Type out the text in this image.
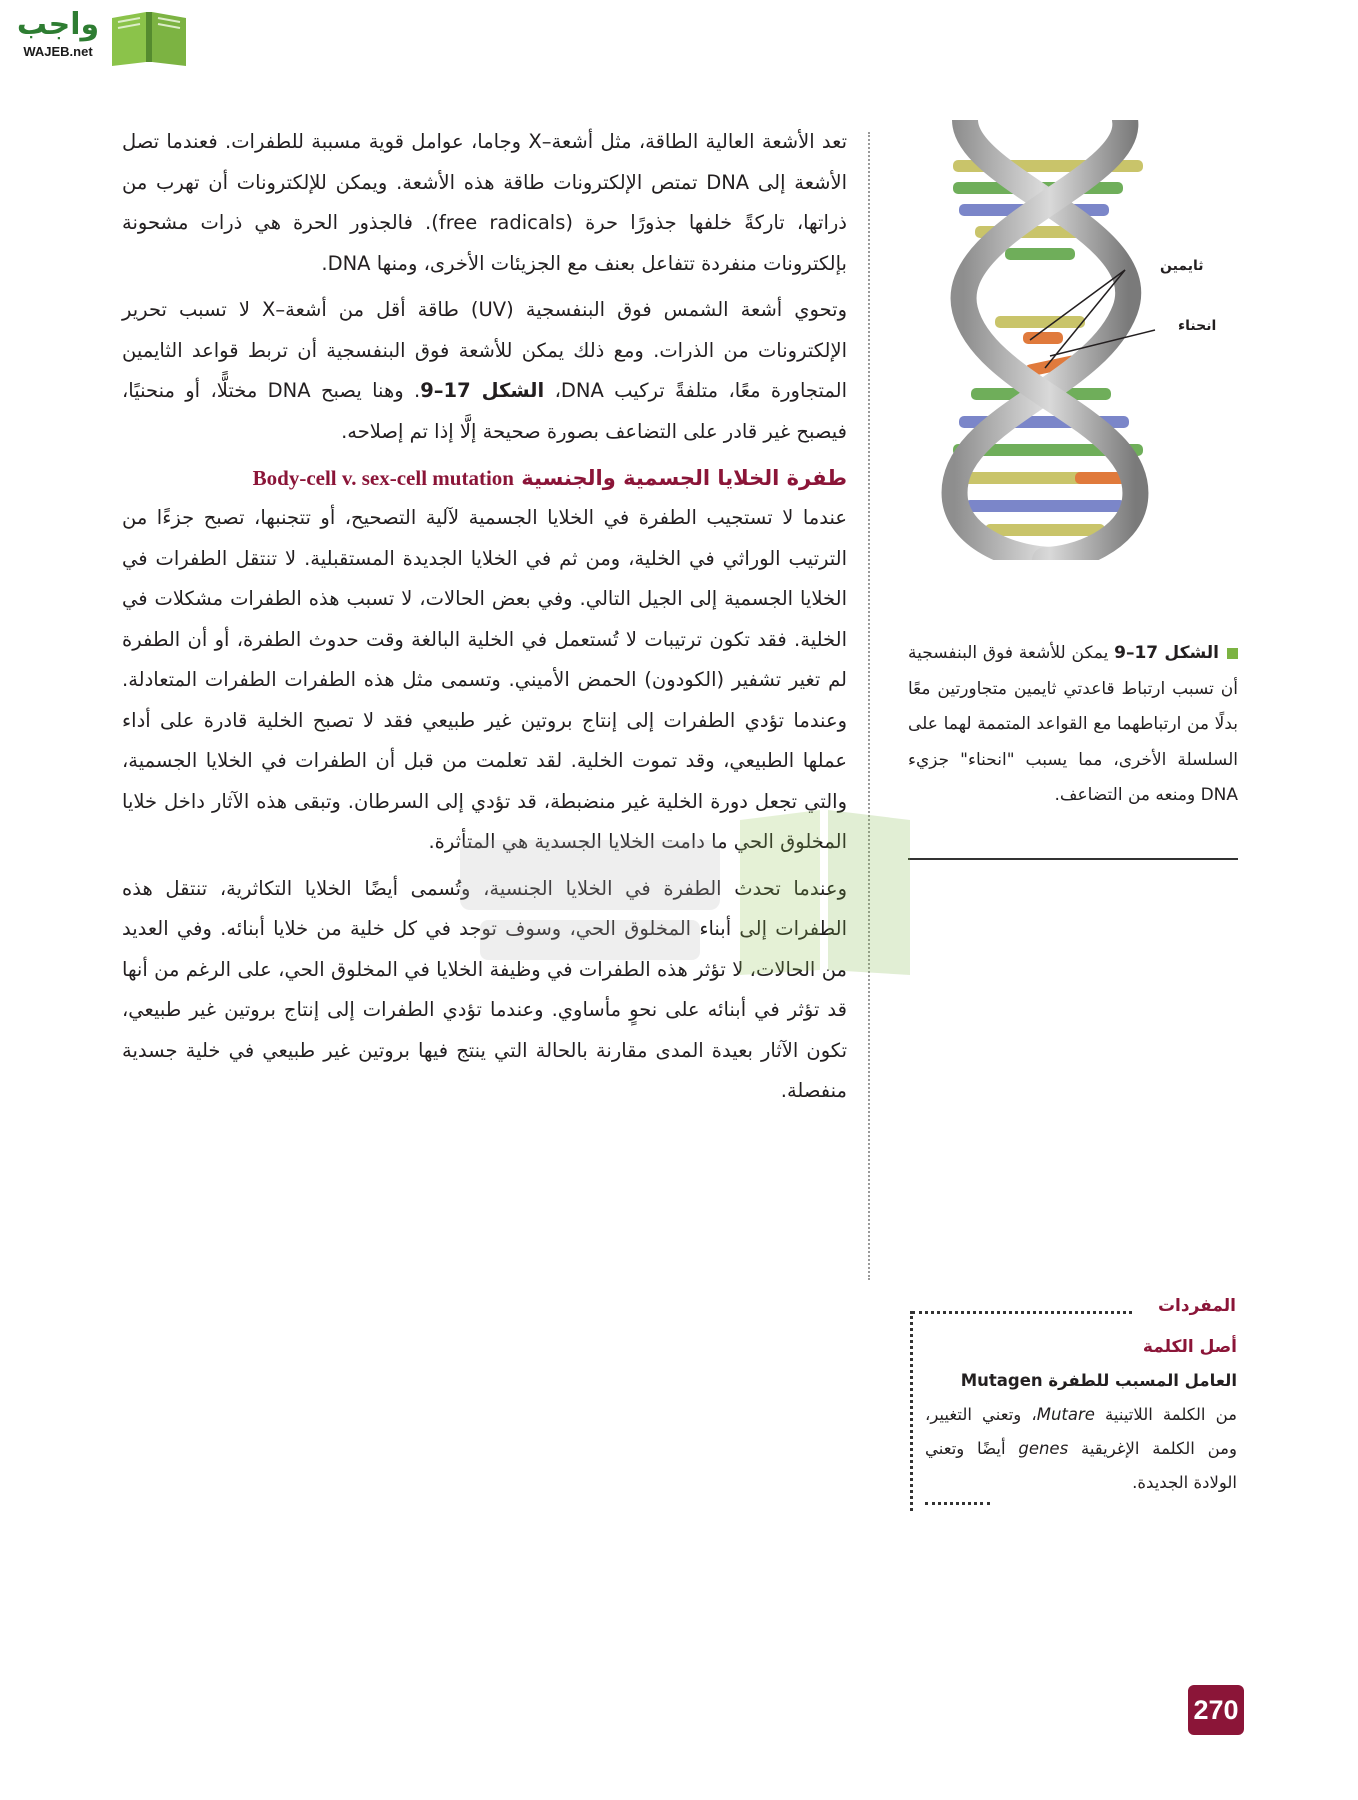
واجب
WAJEB.net

تعد الأشعة العالية الطاقة، مثل أشعة–X وجاما، عوامل قوية مسببة للطفرات. فعندما تصل الأشعة إلى DNA تمتص الإلكترونات طاقة هذه الأشعة. ويمكن للإلكترونات أن تهرب من ذراتها، تاركةً خلفها جذورًا حرة (free radicals). فالجذور الحرة هي ذرات مشحونة بإلكترونات منفردة تتفاعل بعنف مع الجزيئات الأخرى، ومنها DNA.

وتحوي أشعة الشمس فوق البنفسجية (UV) طاقة أقل من أشعة–X لا تسبب تحرير الإلكترونات من الذرات. ومع ذلك يمكن للأشعة فوق البنفسجية أن تربط قواعد الثايمين المتجاورة معًا، متلفةً تركيب DNA، الشكل 17–9. وهنا يصبح DNA مختلًّا، أو منحنيًا، فيصبح غير قادر على التضاعف بصورة صحيحة إلَّا إذا تم إصلاحه.

طفرة الخلايا الجسمية والجنسية Body-cell v. sex-cell mutation

عندما لا تستجيب الطفرة في الخلايا الجسمية لآلية التصحيح، أو تتجنبها، تصبح جزءًا من الترتيب الوراثي في الخلية، ومن ثم في الخلايا الجديدة المستقبلية. لا تنتقل الطفرات في الخلايا الجسمية إلى الجيل التالي. وفي بعض الحالات، لا تسبب هذه الطفرات مشكلات في الخلية. فقد تكون ترتيبات لا تُستعمل في الخلية البالغة وقت حدوث الطفرة، أو أن الطفرة لم تغير تشفير (الكودون) الحمض الأميني. وتسمى مثل هذه الطفرات الطفرات المتعادلة. وعندما تؤدي الطفرات إلى إنتاج بروتين غير طبيعي فقد لا تصبح الخلية قادرة على أداء عملها الطبيعي، وقد تموت الخلية. لقد تعلمت من قبل أن الطفرات في الخلايا الجسمية، والتي تجعل دورة الخلية غير منضبطة، قد تؤدي إلى السرطان. وتبقى هذه الآثار داخل خلايا المخلوق الحي ما دامت الخلايا الجسدية هي المتأثرة.

وعندما تحدث الطفرة في الخلايا الجنسية، وتُسمى أيضًا الخلايا التكاثرية، تنتقل هذه الطفرات إلى أبناء المخلوق الحي، وسوف توجد في كل خلية من خلايا أبنائه. وفي العديد من الحالات، لا تؤثر هذه الطفرات في وظيفة الخلايا في المخلوق الحي، على الرغم من أنها قد تؤثر في أبنائه على نحوٍ مأساوي. وعندما تؤدي الطفرات إلى إنتاج بروتين غير طبيعي، تكون الآثار بعيدة المدى مقارنة بالحالة التي ينتج فيها بروتين غير طبيعي في خلية جسدية منفصلة.

ثايمين
انحناء
الشكل 17–9 يمكن للأشعة فوق البنفسجية أن تسبب ارتباط قاعدتي ثايمين متجاورتين معًا بدلًا من ارتباطهما مع القواعد المتممة لهما على السلسلة الأخرى، مما يسبب "انحناء" جزيء DNA ومنعه من التضاعف.
المفردات
أصل الكلمة
العامل المسبب للطفرة Mutagen
من الكلمة اللاتينية Mutare، وتعني التغيير، ومن الكلمة الإغريقية genes أيضًا وتعني الولادة الجديدة.
270
